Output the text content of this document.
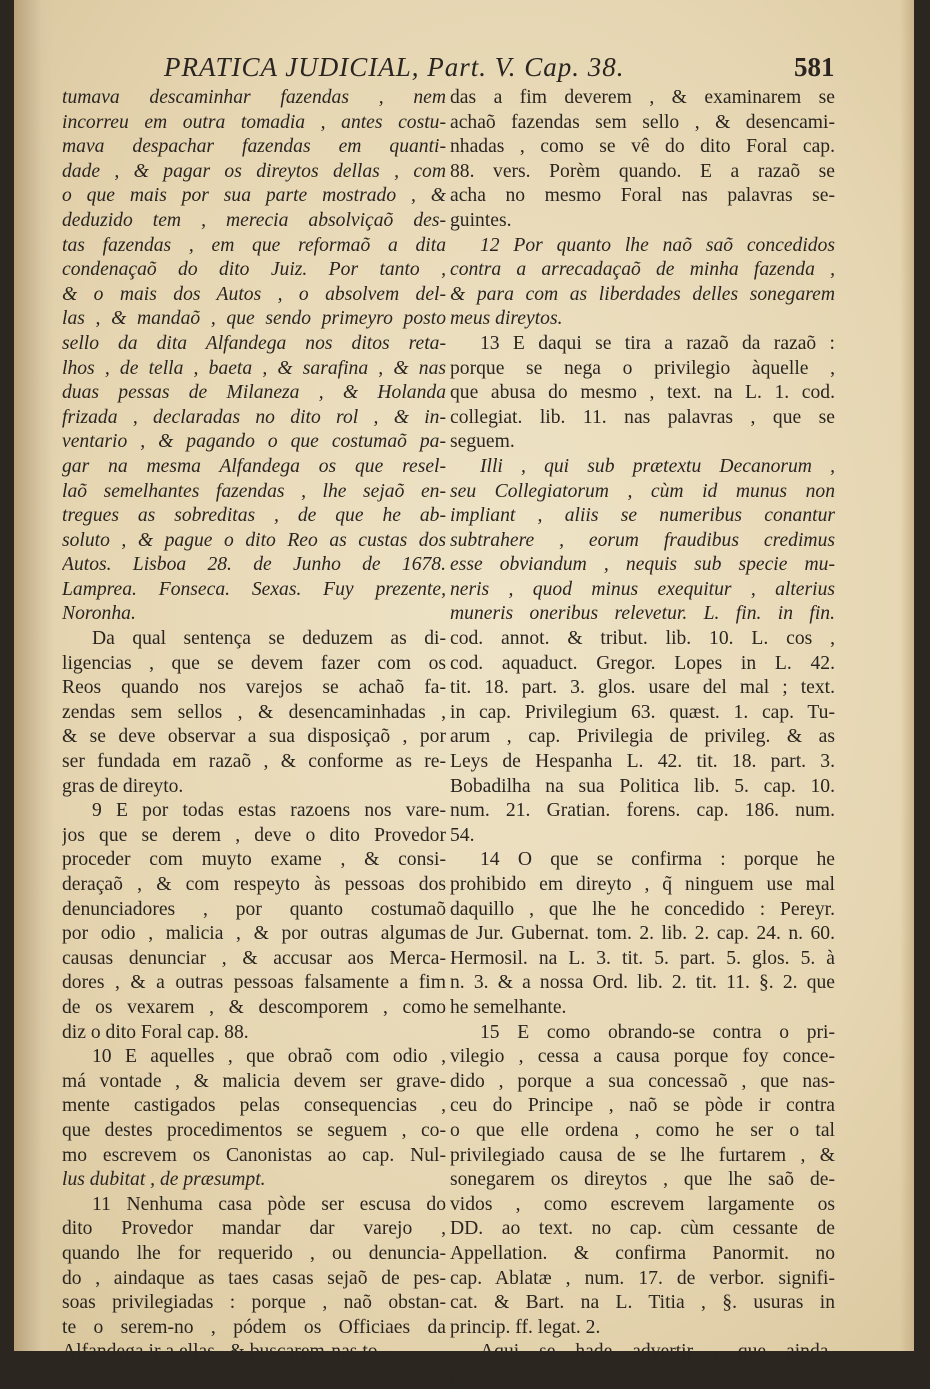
PRATICA JUDICIAL, Part. V. Cap. 38.	581
tumava descaminhar fazendas , nem
incorreu em outra tomadia , antes costu-
mava despachar fazendas em quanti-
dade , & pagar os direytos dellas , com
o que mais por sua parte mostrado , &
deduzido tem , merecia absolviçaõ des-
tas fazendas , em que reformaõ a dita
condenaçaõ do dito Juiz. Por tanto ,
& o mais dos Autos , o absolvem del-
las , & mandaõ , que sendo primeyro posto
sello da dita Alfandega nos ditos reta-
lhos , de tella , baeta , & sarafina , & nas
duas pessas de Milaneza , & Holanda
frizada , declaradas no dito rol , & in-
ventario , & pagando o que costumaõ pa-
gar na mesma Alfandega os que resel-
laõ semelhantes fazendas , lhe sejaõ en-
tregues as sobreditas , de que he ab-
soluto , & pague o dito Reo as custas dos
Autos. Lisboa 28. de Junho de 1678.
Lamprea. Fonseca. Sexas. Fuy prezente,
Noronha.
Da qual sentença se deduzem as di-
ligencias , que se devem fazer com os
Reos quando nos varejos se achaõ fa-
zendas sem sellos , & desencaminhadas ,
& se deve observar a sua disposiçaõ , por
ser fundada em razaõ , & conforme as re-
gras de direyto.
9 E por todas estas razoens nos vare-
jos que se derem , deve o dito Provedor
proceder com muyto exame , & consi-
deraçaõ , & com respeyto às pessoas dos
denunciadores , por quanto costumaõ
por odio , malicia , & por outras algumas
causas denunciar , & accusar aos Merca-
dores , & a outras pessoas falsamente a fim
de os vexarem , & descomporem , como
diz o dito Foral cap. 88.
10 E aquelles , que obraõ com odio ,
má vontade , & malicia devem ser grave-
mente castigados pelas consequencias ,
que destes procedimentos se seguem , co-
mo escrevem os Canonistas ao cap. Nul-
lus dubitat , de præsumpt.
11 Nenhuma casa pòde ser escusa do
dito Provedor mandar dar varejo ,
quando lhe for requerido , ou denuncia-
do , aindaque as taes casas sejaõ de pes-
soas privilegiadas : porque , naõ obstan-
te o serem-no , pódem os Officiaes da
Alfandega ir a ellas , & buscarem-nas to-
das a fim deverem , & examinarem se
achaõ fazendas sem sello , & desencami-
nhadas , como se vê do dito Foral cap.
88. vers. Porèm quando. E a razaõ se
acha no mesmo Foral nas palavras se-
guintes.
12 Por quanto lhe naõ saõ concedidos
contra a arrecadaçaõ de minha fazenda ,
& para com as liberdades delles sonegarem
meus direytos.
13 E daqui se tira a razaõ da razaõ :
porque se nega o privilegio àquelle ,
que abusa do mesmo , text. na L. 1. cod.
collegiat. lib. 11. nas palavras , que se
seguem.
Illi , qui sub prætextu Decanorum ,
seu Collegiatorum , cùm id munus non
impliant , aliis se numeribus conantur
subtrahere , eorum fraudibus credimus
esse obviandum , nequis sub specie mu-
neris , quod minus exequitur , alterius
muneris oneribus relevetur. L. fin. in fin.
cod. annot. & tribut. lib. 10. L. cos ,
cod. aquaduct. Gregor. Lopes in L. 42.
tit. 18. part. 3. glos. usare del mal ; text.
in cap. Privilegium 63. quæst. 1. cap. Tu-
arum , cap. Privilegia de privileg. & as
Leys de Hespanha L. 42. tit. 18. part. 3.
Bobadilha na sua Politica lib. 5. cap. 10.
num. 21. Gratian. forens. cap. 186. num.
54.
14 O que se confirma : porque he
prohibido em direyto , q̃ ninguem use mal
daquillo , que lhe he concedido : Pereyr.
de Jur. Gubernat. tom. 2. lib. 2. cap. 24. n. 60.
Hermosil. na L. 3. tit. 5. part. 5. glos. 5. à
n. 3. & a nossa Ord. lib. 2. tit. 11. §. 2. que
he semelhante.
15 E como obrando-se contra o pri-
vilegio , cessa a causa porque foy conce-
dido , porque a sua concessaõ , que nas-
ceu do Principe , naõ se pòde ir contra
o que elle ordena , como he ser o tal
privilegiado causa de se lhe furtarem , &
sonegarem os direytos , que lhe saõ de-
vidos , como escrevem largamente os
DD. ao text. no cap. cùm cessante de
Appellation. & confirma Panormit. no
cap. Ablatæ , num. 17. de verbor. signifi-
cat. & Bart. na L. Titia , §. usuras in
princip. ff. legat. 2.
Aqui se hade advertir , que ainda-
qu
